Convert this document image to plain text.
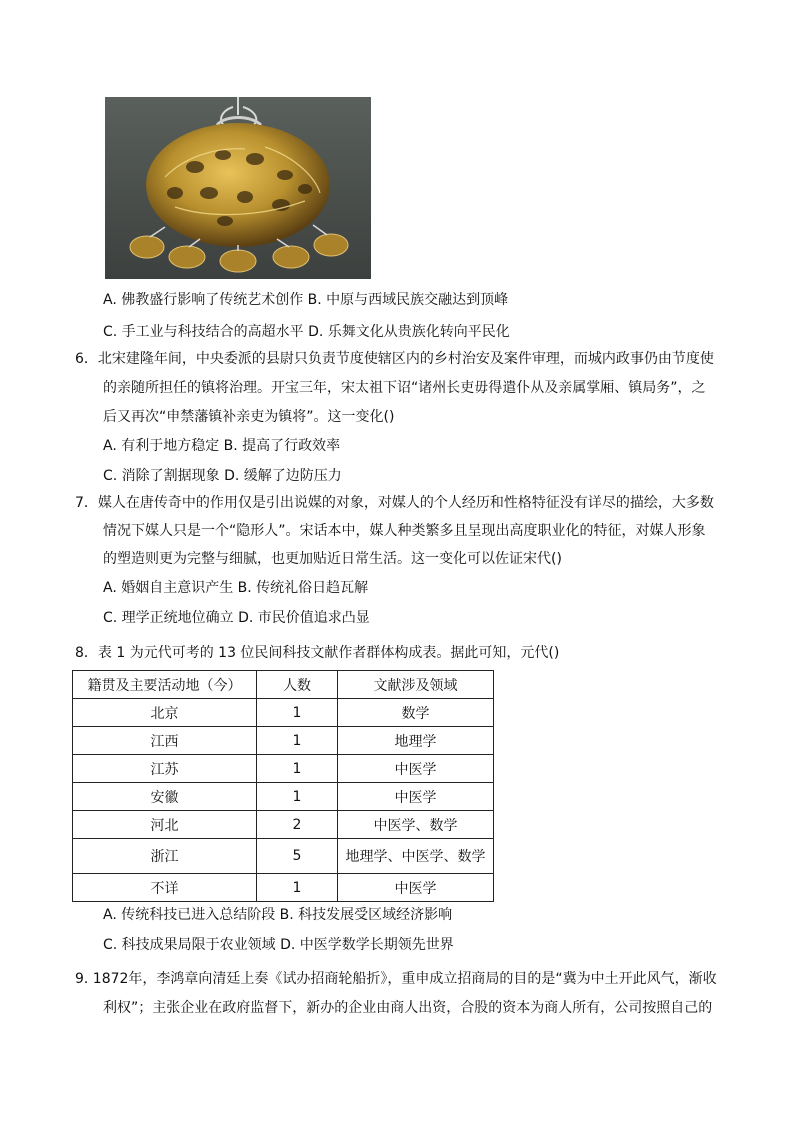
A. 佛教盛行影响了传统艺术创作 B. 中原与西域民族交融达到顶峰
C. 手工业与科技结合的高超水平 D. 乐舞文化从贵族化转向平民化
6．北宋建隆年间，中央委派的县尉只负责节度使辖区内的乡村治安及案件审理，而城内政事仍由节度使
的亲随所担任的镇将治理。开宝三年，宋太祖下诏“诸州长吏毋得遣仆从及亲属掌厢、镇局务”，之
后又再次“申禁藩镇补亲吏为镇将”。这一变化()
A. 有利于地方稳定 B. 提高了行政效率
C. 消除了割据现象 D. 缓解了边防压力
7．媒人在唐传奇中的作用仅是引出说媒的对象，对媒人的个人经历和性格特征没有详尽的描绘，大多数
情况下媒人只是一个“隐形人”。宋话本中，媒人种类繁多且呈现出高度职业化的特征，对媒人形象
的塑造则更为完整与细腻，也更加贴近日常生活。这一变化可以佐证宋代()
A. 婚姻自主意识产生 B. 传统礼俗日趋瓦解
C. 理学正统地位确立 D. 市民价值追求凸显
8．表 1 为元代可考的 13 位民间科技文献作者群体构成表。据此可知，元代()
籍贯及主要活动地（今）	人数	文献涉及领域
北京	1	数学
江西	1	地理学
江苏	1	中医学
安徽	1	中医学
河北	2	中医学、数学
浙江	5	地理学、中医学、数学
不详	1	中医学
A. 传统科技已进入总结阶段 B. 科技发展受区域经济影响
C. 科技成果局限于农业领域 D. 中医学数学长期领先世界
9. 1872年，李鸿章向清廷上奏《试办招商轮船折》，重申成立招商局的目的是“冀为中土开此风气，渐收
利权”；主张企业在政府监督下，新办的企业由商人出资，合股的资本为商人所有，公司按照自己的
